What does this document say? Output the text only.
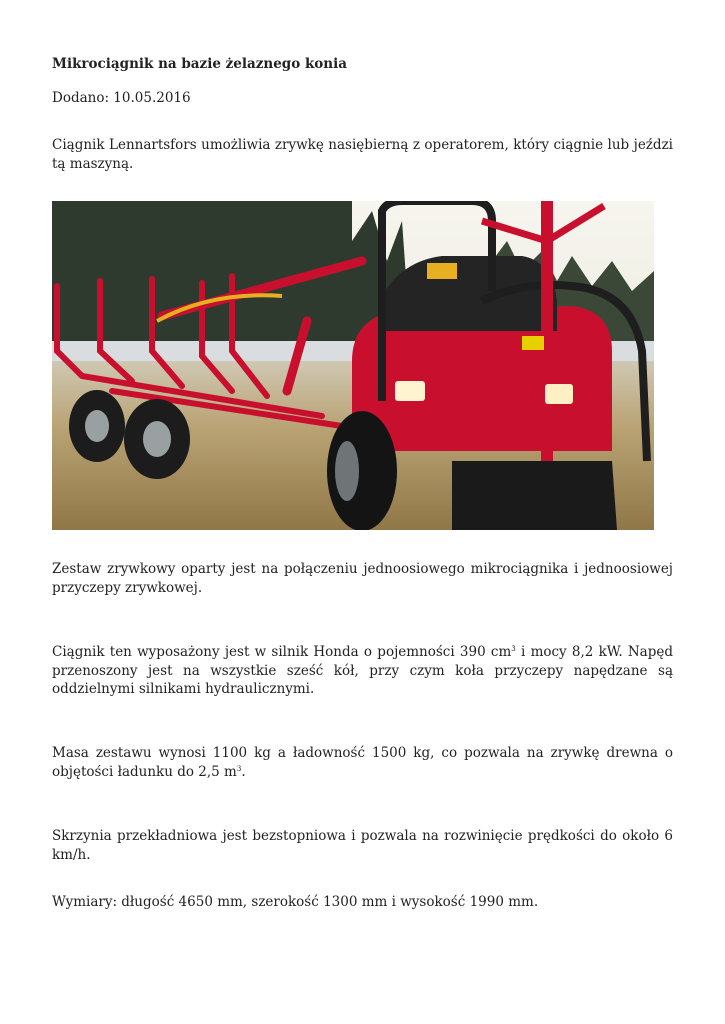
Mikrociągnik na bazie żelaznego konia
Dodano: 10.05.2016

Ciągnik Lennartsfors umożliwia zrywkę nasiębierną z operatorem, który ciągnie lub jeździ tą maszyną.

Zestaw zrywkowy oparty jest na połączeniu jednoosiowego mikrociągnika i jednoosiowej przyczepy zrywkowej.

Ciągnik ten wyposażony jest w silnik Honda o pojemności 390 $cm^3$ i mocy 8,2 kW. Napęd przenoszony jest na wszystkie sześć kół, przy czym koła przyczepy napędzane są oddzielnymi silnikami hydraulicznymi.

Masa zestawu wynosi 1100 kg a ładowność 1500 kg, co pozwala na zrywkę drewna o objętości ładunku do 2,5 $m^3$.

Skrzynia przekładniowa jest bezstopniowa i pozwala na rozwinięcie prędkości do około 6 km/h.

Wymiary: długość 4650 mm, szerokość 1300 mm i wysokość 1990 mm.
